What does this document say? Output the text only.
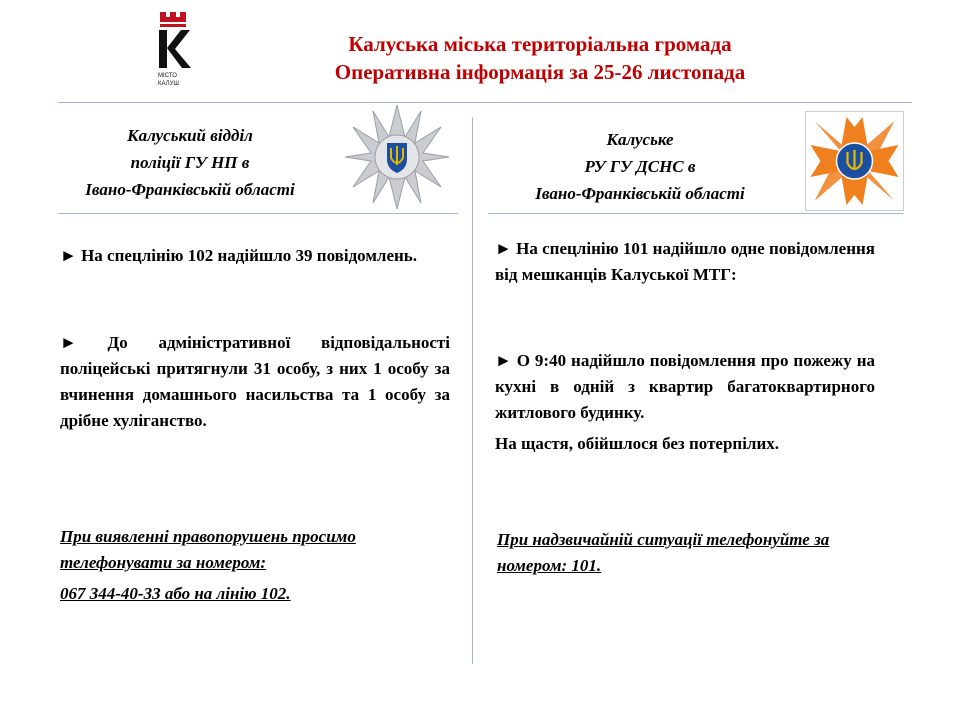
МІСТО
КАЛУШ
Калуська міська територіальна громада
Оперативна інформація за 25-26 листопада
Калуський відділ
поліції ГУ НП в
Івано-Франківській області
Калуське
РУ ГУ ДСНС в
Івано-Франківській області
► На спецлінію 102 надійшло 39 повідомлень.
► До адміністративної відповідальності поліцейські притягнули 31 особу, з них 1 особу за вчинення домашнього насильства та 1 особу за дрібне хуліганство.
При виявленні правопорушень просимо телефонувати за номером:
067 344-40-33 або на лінію 102.
► На спецлінію 101 надійшло одне повідомлення від мешканців Калуської МТГ:
► О 9:40 надійшло повідомлення про пожежу на кухні в одній з квартир багатоквартирного житлового будинку.
На щастя, обійшлося без потерпілих.
При надзвичайній ситуації телефонуйте за номером: 101.
